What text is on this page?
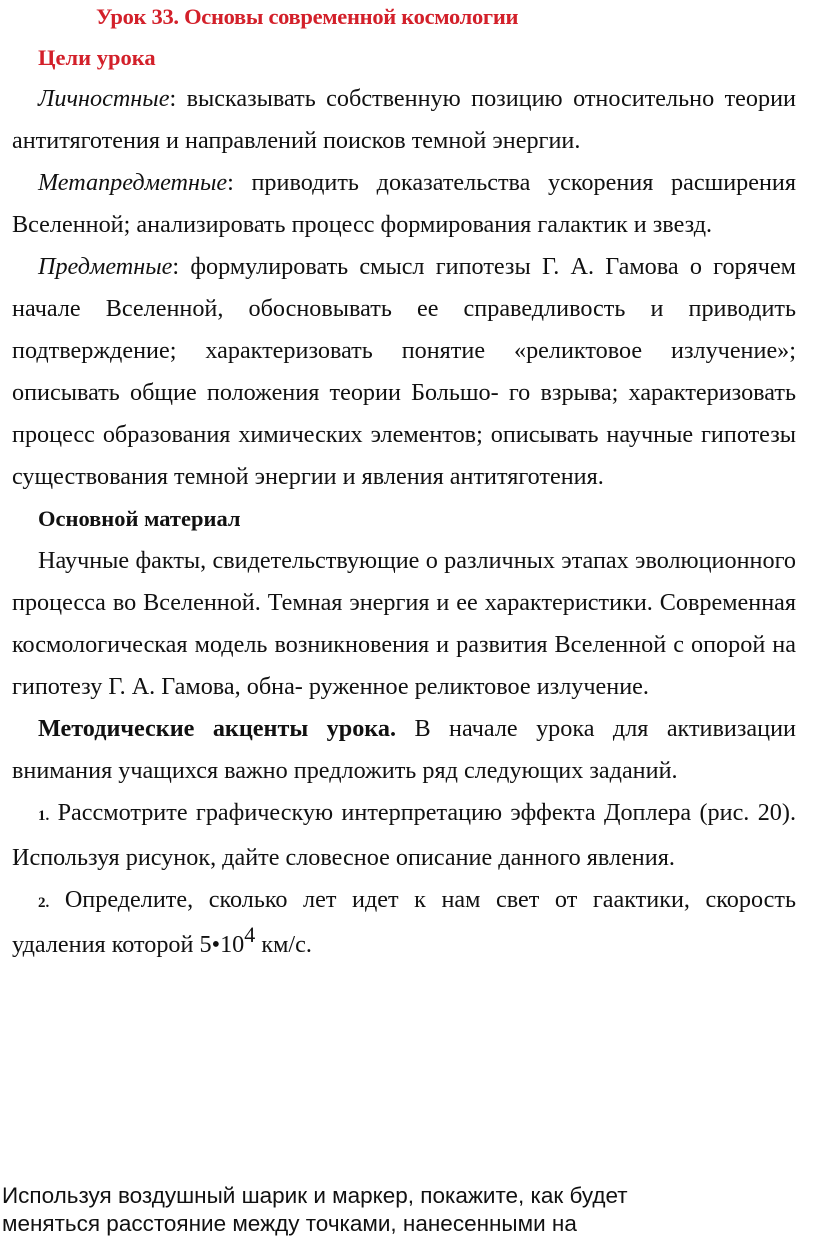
Урок 33. Основы современной космологии
Цели урока

Личностные: высказывать собственную позицию относительно теории антитяготения и направлений поисков темной энергии.

Метапредметные: приводить доказательства ускорения расширения Вселенной; анализировать процесс формирования галактик и звезд.

Предметные: формулировать смысл гипотезы Г. А. Гамова о горячем начале Вселенной, обосновывать ее справедливость и приводить подтверждение; характеризовать понятие «реликтовое излучение»; описывать общие положения теории Большо- го взрыва; характеризовать процесс образования химических элементов; описывать научные гипотезы существования темной энергии и явления антитяготения.

Основной материал

Научные факты, свидетельствующие о различных этапах эволюционного процесса во Вселенной. Темная энергия и ее характеристики. Современная космологическая модель возникновения и развития Вселенной с опорой на гипотезу Г. А. Гамова, обна- руженное реликтовое излучение.

Методические акценты урока. В начале урока для активизации внимания учащихся важно предложить ряд следующих заданий.

1. Рассмотрите графическую интерпретацию эффекта Доплера (рис. 20). Используя рисунок, дайте словесное описание данного явления.

2. Определите, сколько лет идет к нам свет от гаактики, скорость удаления которой $5•10^4$ км/с.

Используя воздушный шарик и маркер, покажите, как будет

меняться расстояние между точками, нанесенными на
